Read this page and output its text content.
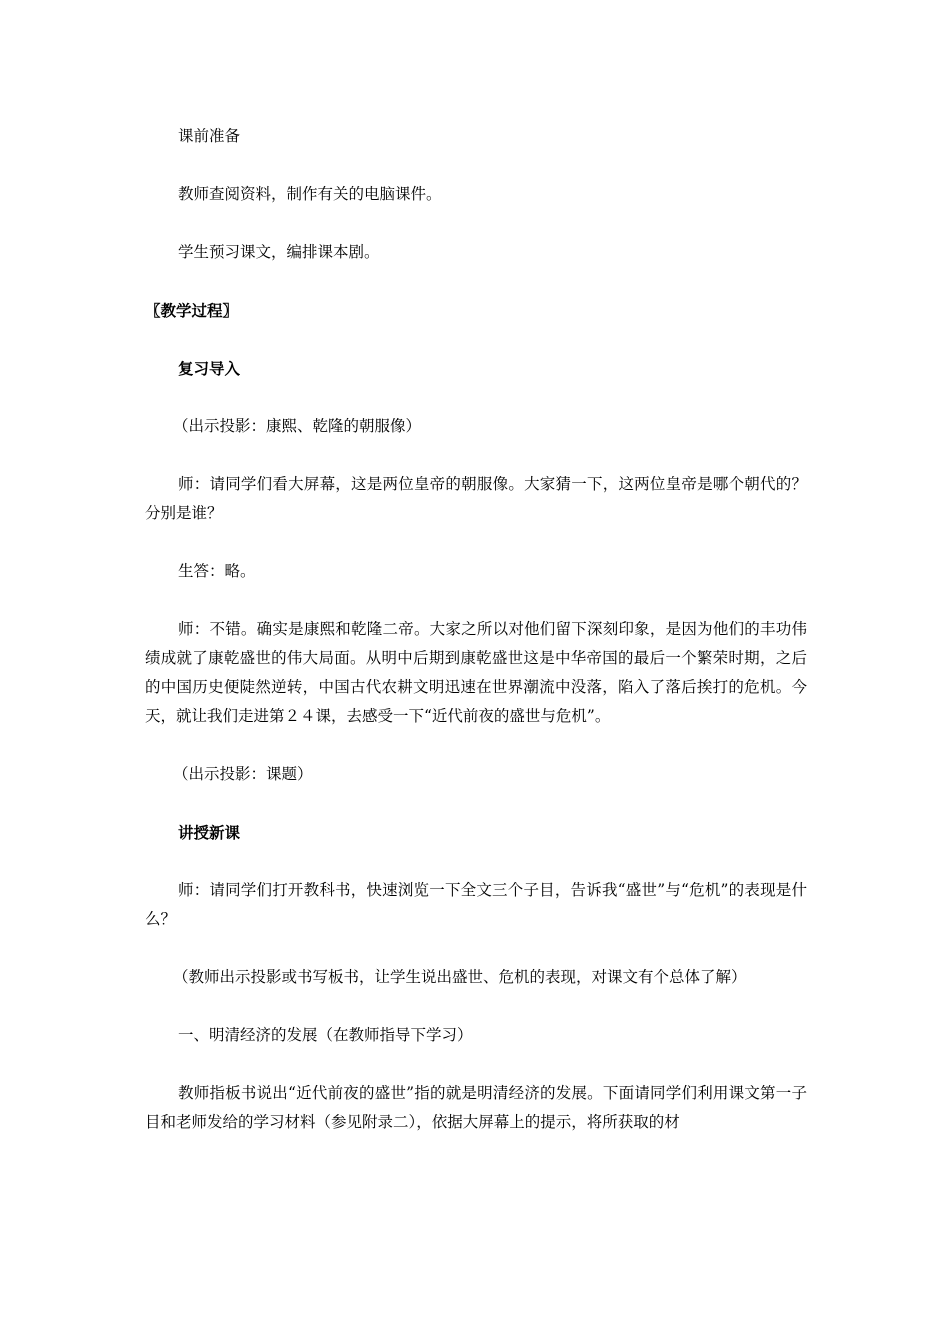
课前准备

教师查阅资料，制作有关的电脑课件。

学生预习课文，编排课本剧。

〖教学过程〗

复习导入

（出示投影：康熙、乾隆的朝服像）

师：请同学们看大屏幕，这是两位皇帝的朝服像。大家猜一下，这两位皇帝是哪个朝代的？分别是谁？

生答：略。

师：不错。确实是康熙和乾隆二帝。大家之所以对他们留下深刻印象，是因为他们的丰功伟绩成就了康乾盛世的伟大局面。从明中后期到康乾盛世这是中华帝国的最后一个繁荣时期，之后的中国历史便陡然逆转，中国古代农耕文明迅速在世界潮流中没落，陷入了落后挨打的危机。今天，就让我们走进第２４课，去感受一下“近代前夜的盛世与危机”。

（出示投影：课题）

讲授新课

师：请同学们打开教科书，快速浏览一下全文三个子目，告诉我“盛世”与“危机”的表现是什么？

（教师出示投影或书写板书，让学生说出盛世、危机的表现，对课文有个总体了解）

一、明清经济的发展（在教师指导下学习）

教师指板书说出“近代前夜的盛世”指的就是明清经济的发展。下面请同学们利用课文第一子目和老师发给的学习材料（参见附录二），依据大屏幕上的提示，将所获取的材
